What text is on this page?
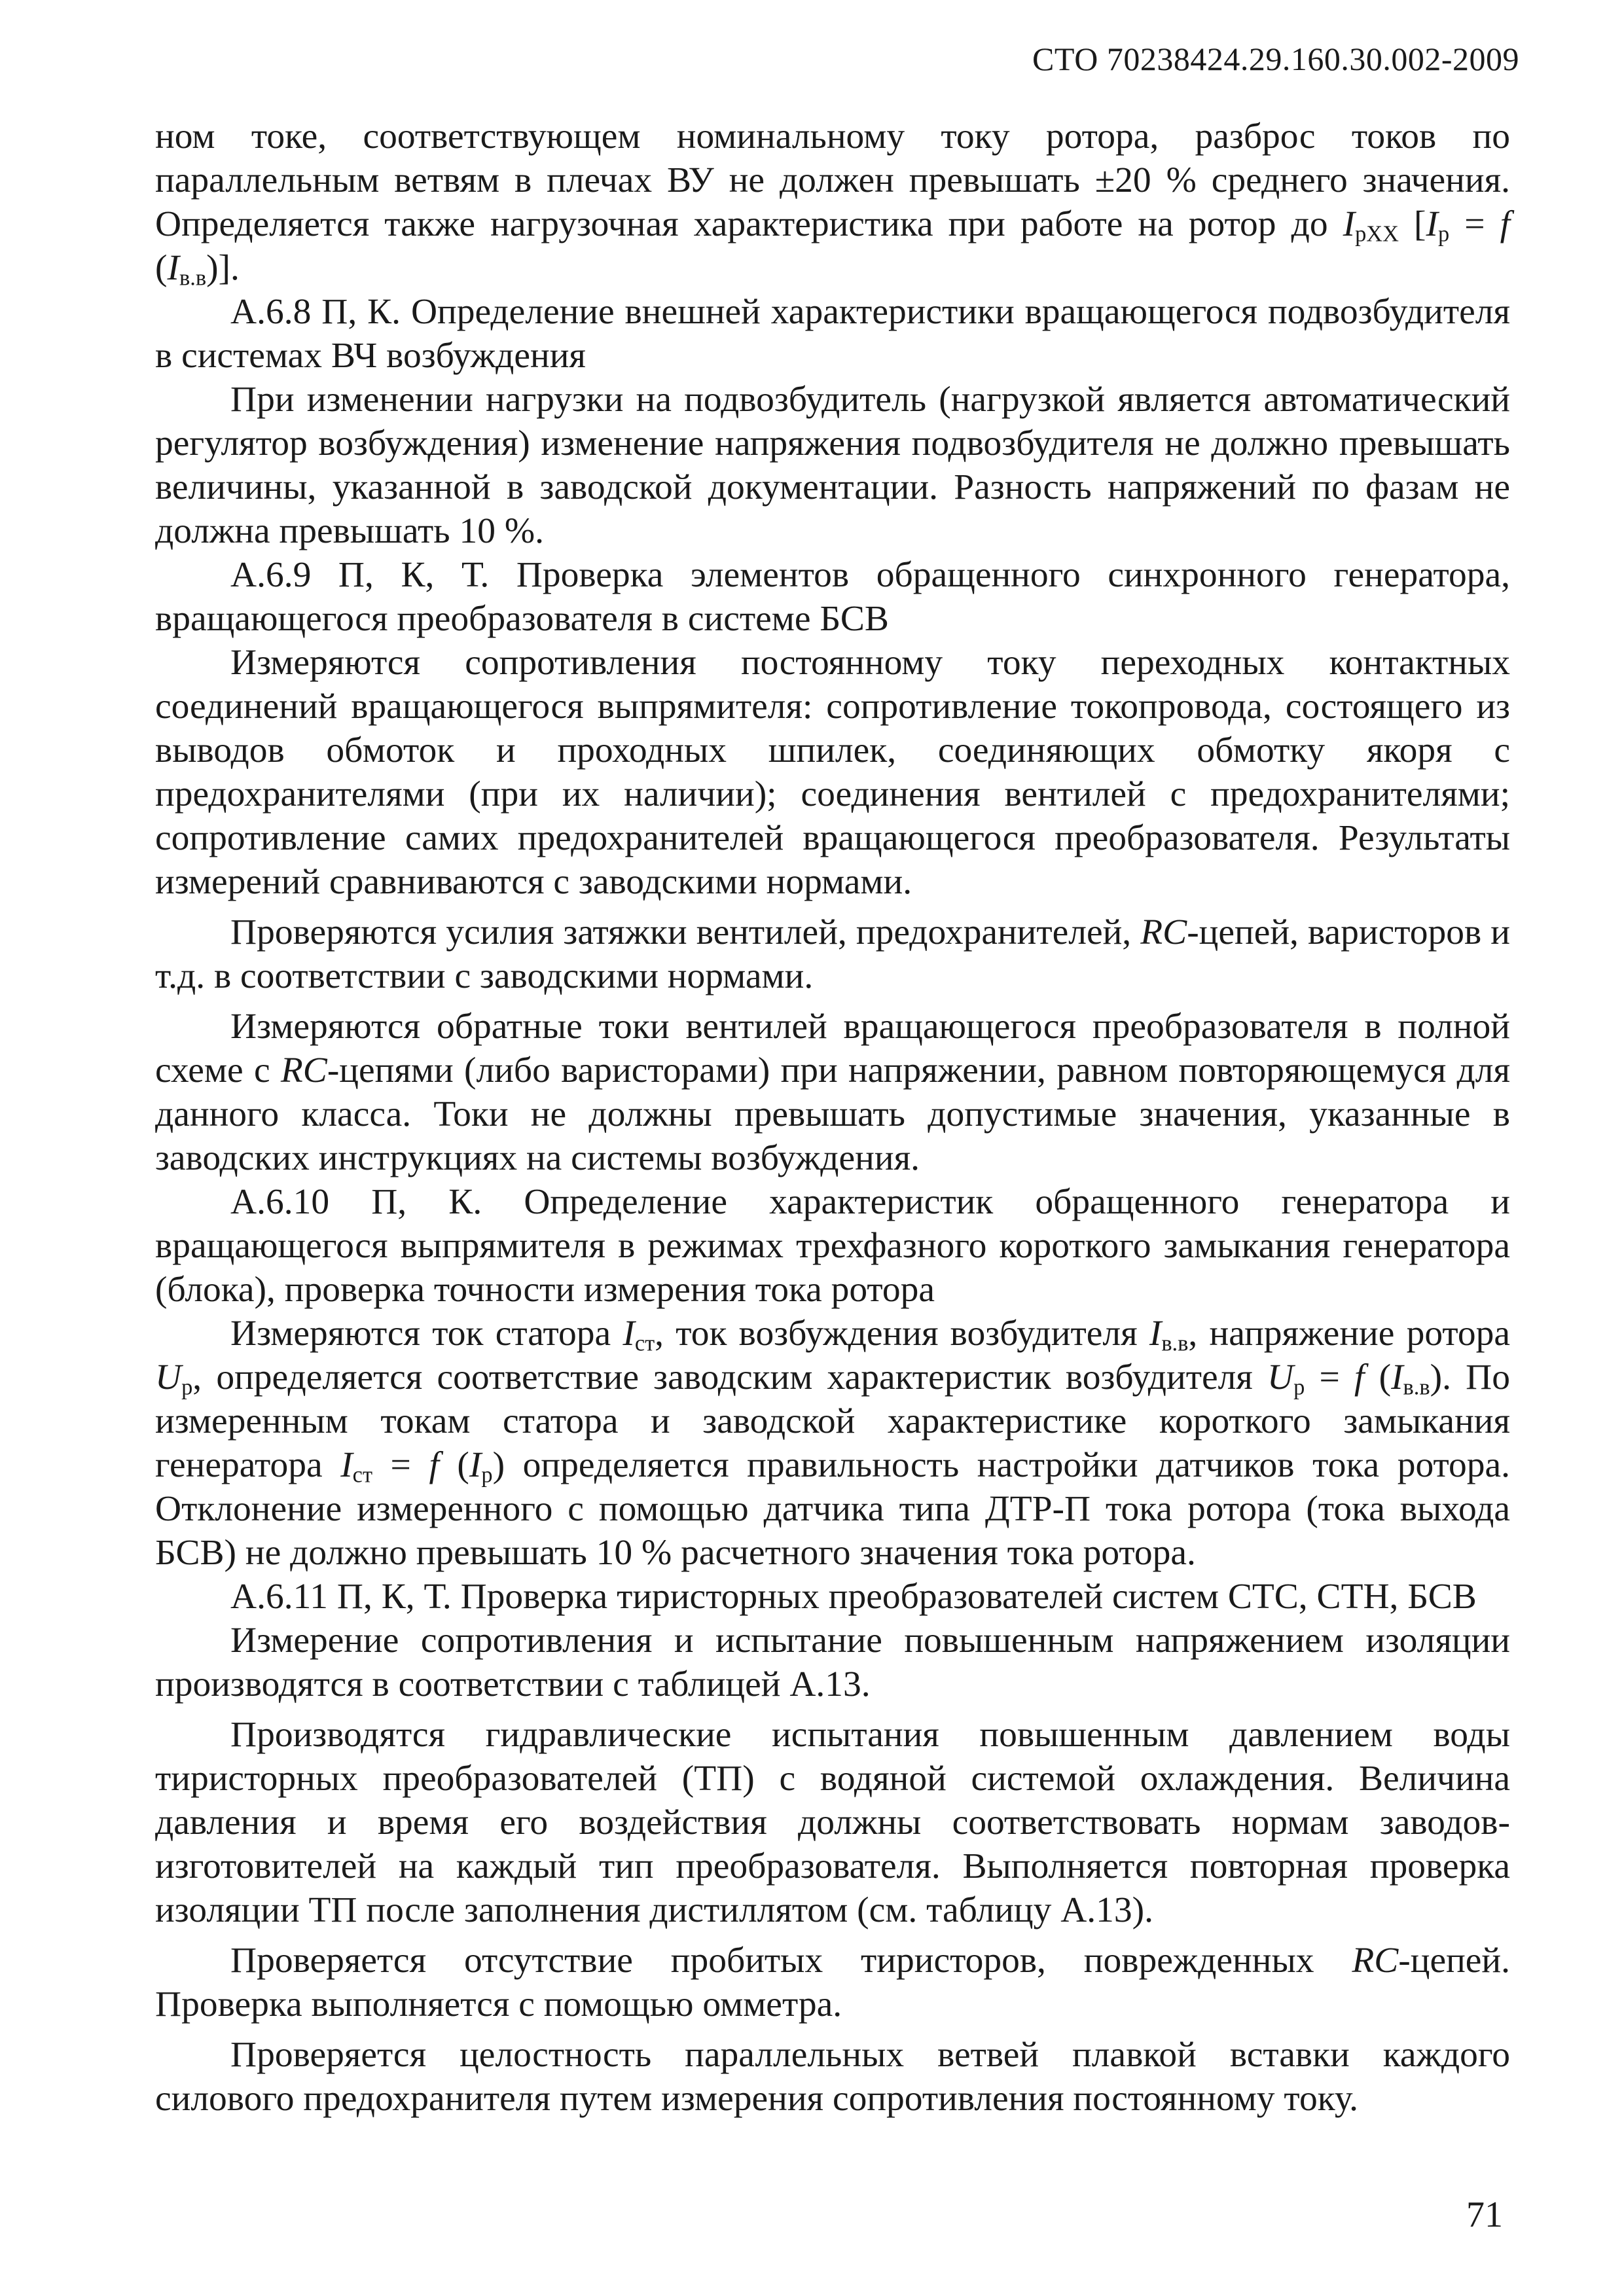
СТО 70238424.29.160.30.002-2009

ном токе, соответствующем номинальному току ротора, разброс токов по параллельным ветвям в плечах ВУ не должен превышать ±20 % среднего значения. Определяется также нагрузочная характеристика при работе на ротор до $I_{рХХ}$ [$I_р = f$ $(I_{в.в})$].

А.6.8 П, К. Определение внешней характеристики вращающегося подвозбудителя в системах ВЧ возбуждения

При изменении нагрузки на подвозбудитель (нагрузкой является автоматический регулятор возбуждения) изменение напряжения подвозбудителя не должно превышать величины, указанной в заводской документации. Разность напряжений по фазам не должна превышать 10 %.

А.6.9 П, К, Т. Проверка элементов обращенного синхронного генератора, вращающегося преобразователя в системе БСВ

Измеряются сопротивления постоянному току переходных контактных соединений вращающегося выпрямителя: сопротивление токопровода, состоящего из выводов обмоток и проходных шпилек, соединяющих обмотку якоря с предохранителями (при их наличии); соединения вентилей с предохранителями; сопротивление самих предохранителей вращающегося преобразователя. Результаты измерений сравниваются с заводскими нормами.

Проверяются усилия затяжки вентилей, предохранителей, RC-цепей, варисторов и т.д. в соответствии с заводскими нормами.

Измеряются обратные токи вентилей вращающегося преобразователя в полной схеме с RC-цепями (либо варисторами) при напряжении, равном повторяющемуся для данного класса. Токи не должны превышать допустимые значения, указанные в заводских инструкциях на системы возбуждения.

А.6.10 П, К. Определение характеристик обращенного генератора и вращающегося выпрямителя в режимах трехфазного короткого замыкания генератора (блока), проверка точности измерения тока ротора

Измеряются ток статора $I_{ст}$, ток возбуждения возбудителя $I_{в.в}$, напряжение ротора $U_р$, определяется соответствие заводским характеристик возбудителя $U_р = f$ $(I_{в.в})$. По измеренным токам статора и заводской характеристике короткого замыкания генератора $I_{ст} = f$ $(I_р)$ определяется правильность настройки датчиков тока ротора. Отклонение измеренного с помощью датчика типа ДТР-П тока ротора (тока выхода БСВ) не должно превышать 10 % расчетного значения тока ротора.

А.6.11 П, К, Т. Проверка тиристорных преобразователей систем СТС, СТН, БСВ

Измерение сопротивления и испытание повышенным напряжением изоляции производятся в соответствии с таблицей А.13.

Производятся гидравлические испытания повышенным давлением воды тиристорных преобразователей (ТП) с водяной системой охлаждения. Величина давления и время его воздействия должны соответствовать нормам заводов-изготовителей на каждый тип преобразователя. Выполняется повторная проверка изоляции ТП после заполнения дистиллятом (см. таблицу А.13).

Проверяется отсутствие пробитых тиристоров, поврежденных RC-цепей. Проверка выполняется с помощью омметра.

Проверяется целостность параллельных ветвей плавкой вставки каждого силового предохранителя путем измерения сопротивления постоянному току.

71
